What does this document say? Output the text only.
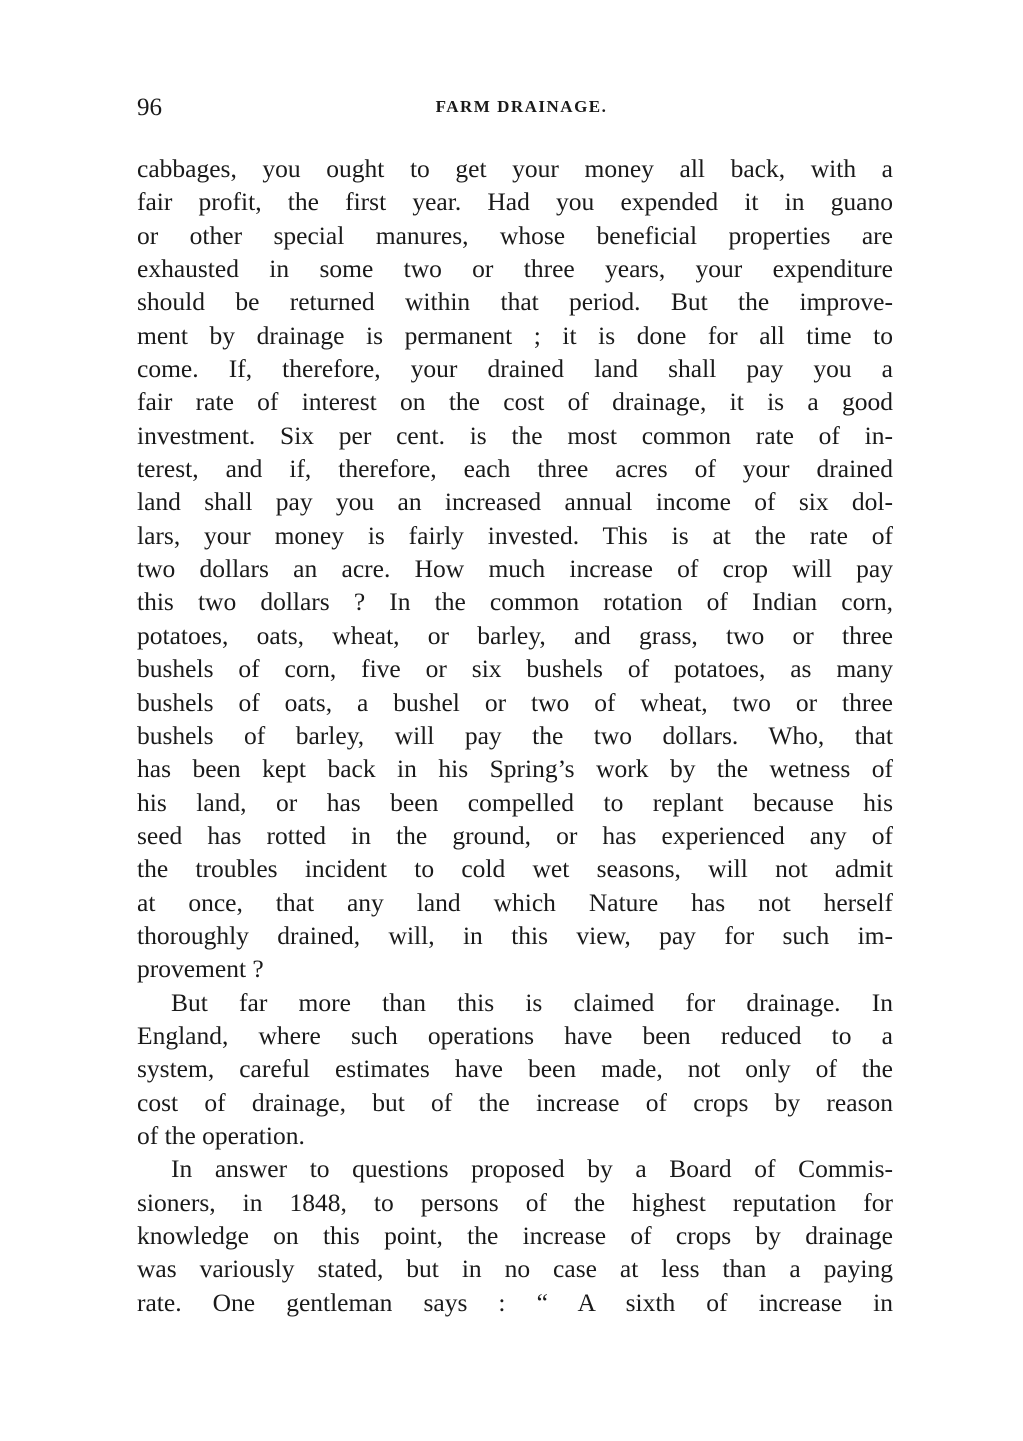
96	FARM DRAINAGE.
cabbages, you ought to get your money all back, with a
fair profit, the first year. Had you expended it in guano
or other special manures, whose beneficial properties are
exhausted in some two or three years, your expenditure
should be returned within that period. But the improve-
ment by drainage is permanent ; it is done for all time to
come. If, therefore, your drained land shall pay you a
fair rate of interest on the cost of drainage, it is a good
investment. Six per cent. is the most common rate of in-
terest, and if, therefore, each three acres of your drained
land shall pay you an increased annual income of six dol-
lars, your money is fairly invested. This is at the rate of
two dollars an acre. How much increase of crop will pay
this two dollars ? In the common rotation of Indian corn,
potatoes, oats, wheat, or barley, and grass, two or three
bushels of corn, five or six bushels of potatoes, as many
bushels of oats, a bushel or two of wheat, two or three
bushels of barley, will pay the two dollars. Who, that
has been kept back in his Spring’s work by the wetness of
his land, or has been compelled to replant because his
seed has rotted in the ground, or has experienced any of
the troubles incident to cold wet seasons, will not admit
at once, that any land which Nature has not herself
thoroughly drained, will, in this view, pay for such im-
provement ?
But far more than this is claimed for drainage. In
England, where such operations have been reduced to a
system, careful estimates have been made, not only of the
cost of drainage, but of the increase of crops by reason
of the operation.
In answer to questions proposed by a Board of Commis-
sioners, in 1848, to persons of the highest reputation for
knowledge on this point, the increase of crops by drainage
was variously stated, but in no case at less than a paying
rate. One gentleman says : “ A sixth of increase in
